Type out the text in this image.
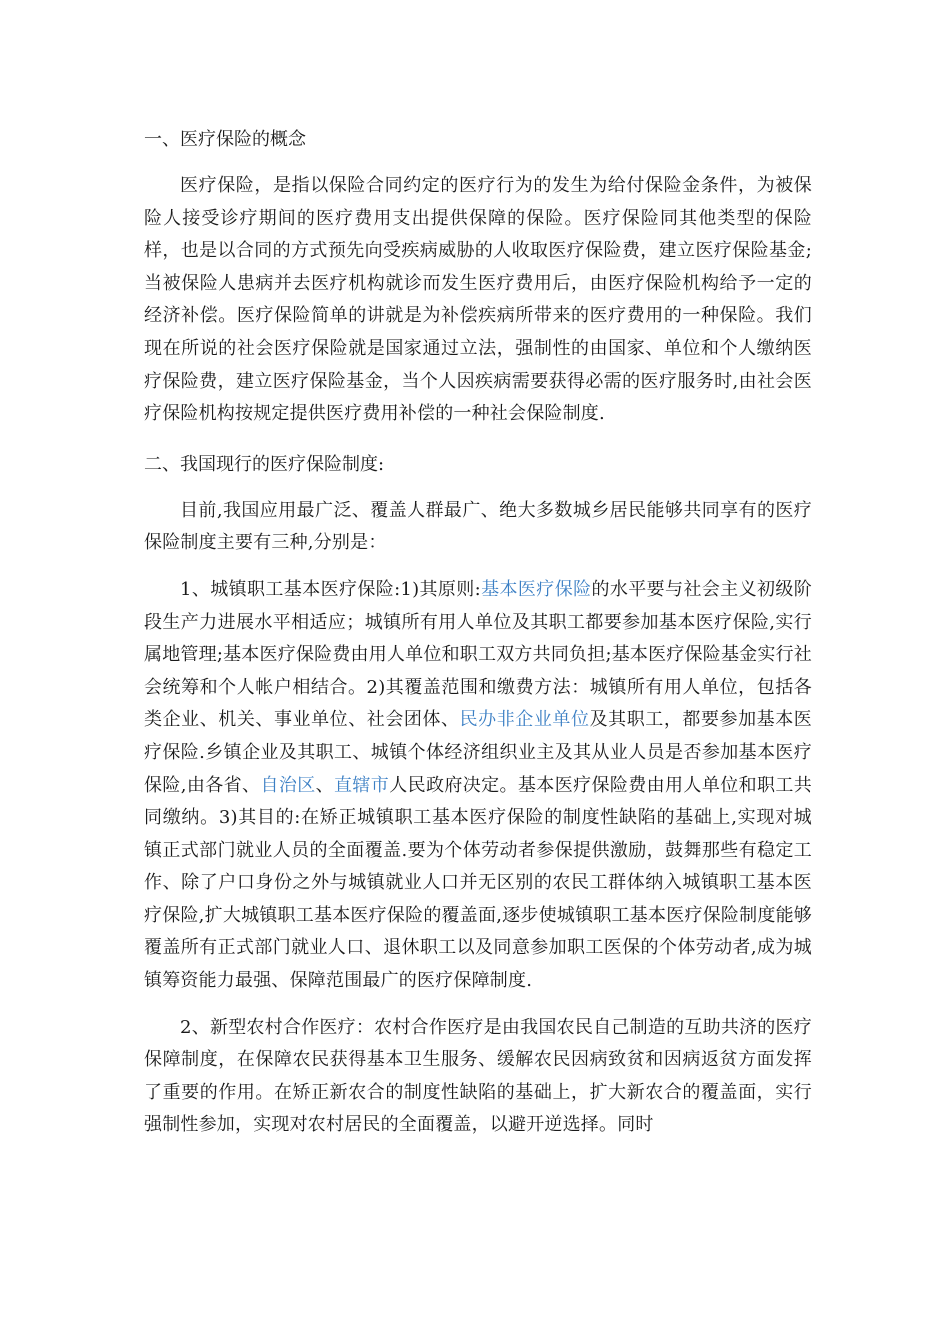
一、医疗保险的概念

医疗保险，是指以保险合同约定的医疗行为的发生为给付保险金条件，为被保险人接受诊疗期间的医疗费用支出提供保障的保险。医疗保险同其他类型的保险样，也是以合同的方式预先向受疾病威胁的人收取医疗保险费，建立医疗保险基金;当被保险人患病并去医疗机构就诊而发生医疗费用后，由医疗保险机构给予一定的经济补偿。医疗保险简单的讲就是为补偿疾病所带来的医疗费用的一种保险。我们现在所说的社会医疗保险就是国家通过立法，强制性的由国家、单位和个人缴纳医疗保险费，建立医疗保险基金，当个人因疾病需要获得必需的医疗服务时,由社会医疗保险机构按规定提供医疗费用补偿的一种社会保险制度.

二、我国现行的医疗保险制度:

目前,我国应用最广泛、覆盖人群最广、绝大多数城乡居民能够共同享有的医疗保险制度主要有三种,分别是：

1、城镇职工基本医疗保险:1)其原则:基本医疗保险的水平要与社会主义初级阶段生产力进展水平相适应；城镇所有用人单位及其职工都要参加基本医疗保险,实行属地管理;基本医疗保险费由用人单位和职工双方共同负担;基本医疗保险基金实行社会统筹和个人帐户相结合。2)其覆盖范围和缴费方法：城镇所有用人单位，包括各类企业、机关、事业单位、社会团体、民办非企业单位及其职工，都要参加基本医疗保险.乡镇企业及其职工、城镇个体经济组织业主及其从业人员是否参加基本医疗保险,由各省、自治区、直辖市人民政府决定。基本医疗保险费由用人单位和职工共同缴纳。3)其目的:在矫正城镇职工基本医疗保险的制度性缺陷的基础上,实现对城镇正式部门就业人员的全面覆盖.要为个体劳动者参保提供激励，鼓舞那些有稳定工作、除了户口身份之外与城镇就业人口并无区别的农民工群体纳入城镇职工基本医疗保险,扩大城镇职工基本医疗保险的覆盖面,逐步使城镇职工基本医疗保险制度能够覆盖所有正式部门就业人口、退休职工以及同意参加职工医保的个体劳动者,成为城镇筹资能力最强、保障范围最广的医疗保障制度.

2、新型农村合作医疗：农村合作医疗是由我国农民自己制造的互助共济的医疗保障制度，在保障农民获得基本卫生服务、缓解农民因病致贫和因病返贫方面发挥了重要的作用。在矫正新农合的制度性缺陷的基础上，扩大新农合的覆盖面，实行强制性参加，实现对农村居民的全面覆盖，以避开逆选择。同时
